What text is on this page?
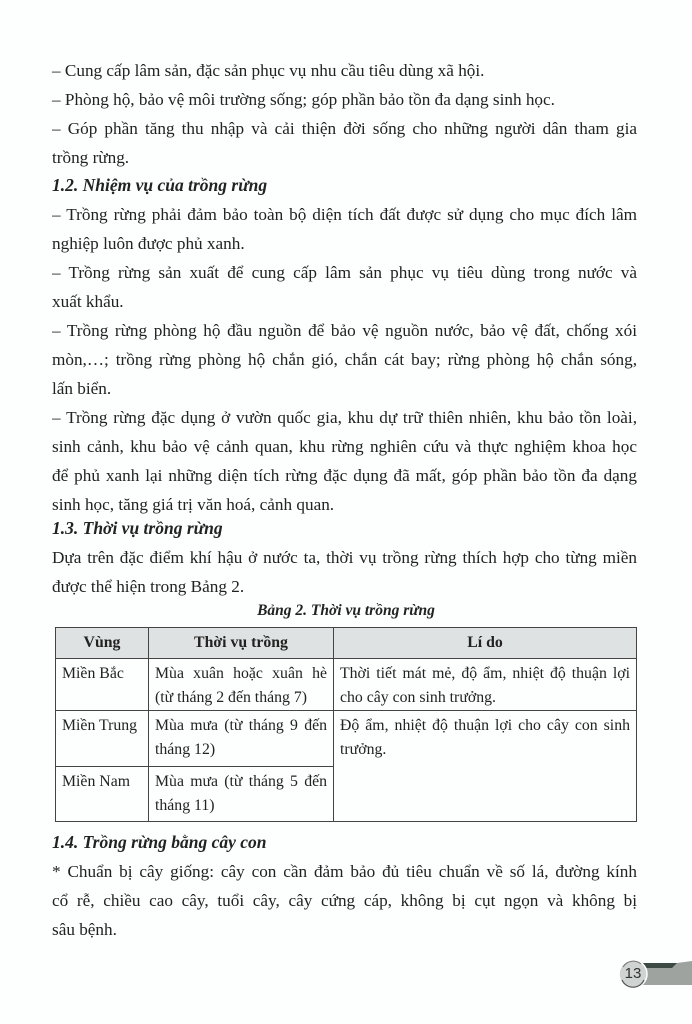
– Cung cấp lâm sản, đặc sản phục vụ nhu cầu tiêu dùng xã hội.
– Phòng hộ, bảo vệ môi trường sống; góp phần bảo tồn đa dạng sinh học.
– Góp phần tăng thu nhập và cải thiện đời sống cho những người dân tham gia
trồng rừng.
1.2. Nhiệm vụ của trồng rừng
– Trồng rừng phải đảm bảo toàn bộ diện tích đất được sử dụng cho mục đích lâm
nghiệp luôn được phủ xanh.
– Trồng rừng sản xuất để cung cấp lâm sản phục vụ tiêu dùng trong nước và
xuất khẩu.
– Trồng rừng phòng hộ đầu nguồn để bảo vệ nguồn nước, bảo vệ đất, chống xói
mòn,…; trồng rừng phòng hộ chắn gió, chắn cát bay; rừng phòng hộ chắn sóng,
lấn biển.
– Trồng rừng đặc dụng ở vườn quốc gia, khu dự trữ thiên nhiên, khu bảo tồn loài,
sinh cảnh, khu bảo vệ cảnh quan, khu rừng nghiên cứu và thực nghiệm khoa học
để phủ xanh lại những diện tích rừng đặc dụng đã mất, góp phần bảo tồn đa dạng
sinh học, tăng giá trị văn hoá, cảnh quan.
1.3. Thời vụ trồng rừng
Dựa trên đặc điểm khí hậu ở nước ta, thời vụ trồng rừng thích hợp cho từng miền
được thể hiện trong Bảng 2.
Bảng 2. Thời vụ trồng rừng
Vùng	Thời vụ trồng	Lí do
Miền Bắc	Mùa xuân hoặc xuân hè (từ tháng 2 đến tháng 7)	Thời tiết mát mẻ, độ ẩm, nhiệt độ thuận lợi cho cây con sinh trưởng.
Miền Trung	Mùa mưa (từ tháng 9 đến tháng 12)	Độ ẩm, nhiệt độ thuận lợi cho cây con sinh trưởng.
Miền Nam	Mùa mưa (từ tháng 5 đến tháng 11)	
1.4. Trồng rừng bằng cây con
* Chuẩn bị cây giống: cây con cần đảm bảo đủ tiêu chuẩn về số lá, đường kính
cổ rễ, chiều cao cây, tuổi cây, cây cứng cáp, không bị cụt ngọn và không bị
sâu bệnh.
13
